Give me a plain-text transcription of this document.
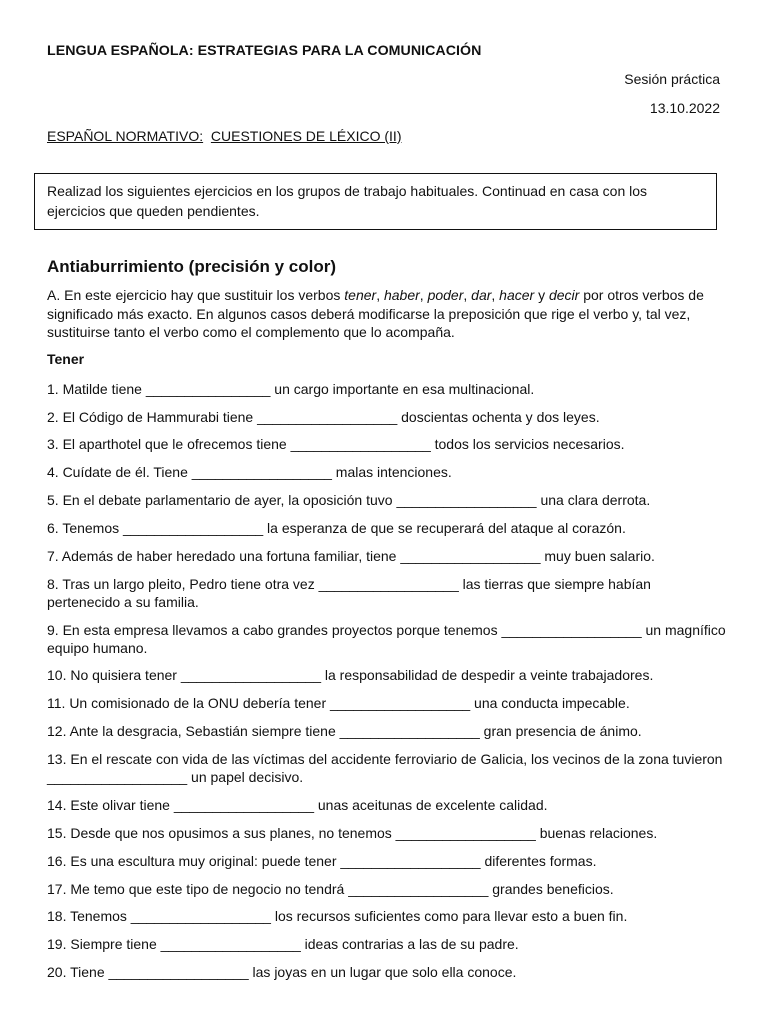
LENGUA ESPAÑOLA: ESTRATEGIAS PARA LA COMUNICACIÓN
Sesión práctica
13.10.2022
ESPAÑOL NORMATIVO: CUESTIONES DE LÉXICO (II)
Realizad los siguientes ejercicios en los grupos de trabajo habituales. Continuad en casa con los ejercicios que queden pendientes.
Antiaburrimiento (precisión y color)
A. En este ejercicio hay que sustituir los verbos tener, haber, poder, dar, hacer y decir por otros verbos de significado más exacto. En algunos casos deberá modificarse la preposición que rige el verbo y, tal vez, sustituirse tanto el verbo como el complemento que lo acompaña.
Tener
1. Matilde tiene ________________ un cargo importante en esa multinacional.
2. El Código de Hammurabi tiene __________________ doscientas ochenta y dos leyes.
3. El aparthotel que le ofrecemos tiene __________________ todos los servicios necesarios.
4. Cuídate de él. Tiene __________________ malas intenciones.
5. En el debate parlamentario de ayer, la oposición tuvo __________________ una clara derrota.
6. Tenemos __________________ la esperanza de que se recuperará del ataque al corazón.
7. Además de haber heredado una fortuna familiar, tiene __________________ muy buen salario.
8. Tras un largo pleito, Pedro tiene otra vez __________________ las tierras que siempre habían pertenecido a su familia.
9. En esta empresa llevamos a cabo grandes proyectos porque tenemos __________________ un magnífico equipo humano.
10. No quisiera tener __________________ la responsabilidad de despedir a veinte trabajadores.
11. Un comisionado de la ONU debería tener __________________ una conducta impecable.
12. Ante la desgracia, Sebastián siempre tiene __________________ gran presencia de ánimo.
13. En el rescate con vida de las víctimas del accidente ferroviario de Galicia, los vecinos de la zona tuvieron __________________ un papel decisivo.
14. Este olivar tiene __________________ unas aceitunas de excelente calidad.
15. Desde que nos opusimos a sus planes, no tenemos __________________ buenas relaciones.
16. Es una escultura muy original: puede tener __________________ diferentes formas.
17. Me temo que este tipo de negocio no tendrá __________________ grandes beneficios.
18. Tenemos __________________ los recursos suficientes como para llevar esto a buen fin.
19. Siempre tiene __________________ ideas contrarias a las de su padre.
20. Tiene __________________ las joyas en un lugar que solo ella conoce.
